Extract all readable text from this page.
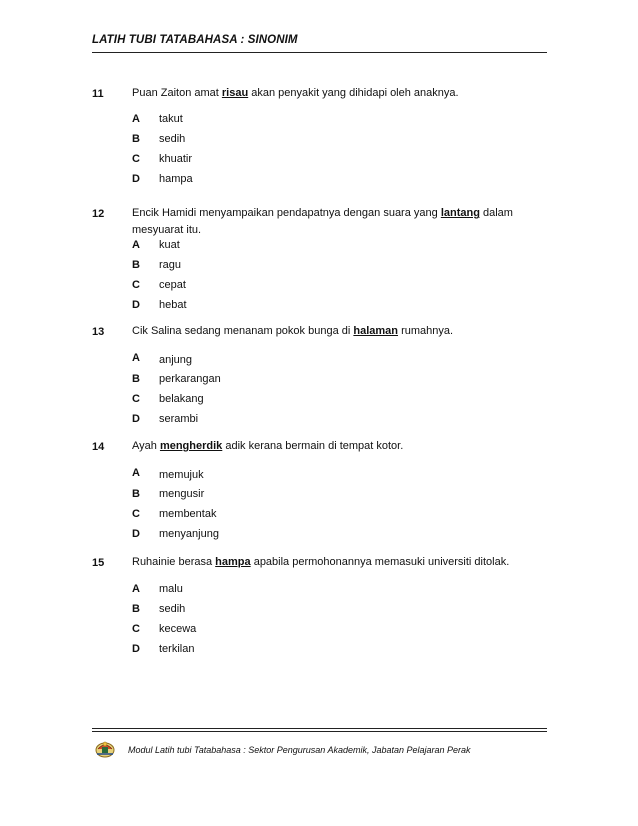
LATIH TUBI TATABAHASA : SINONIM
11	Puan Zaiton amat risau akan penyakit yang dihidapi oleh anaknya.
A takut
B sedih
C khuatir
D hampa
12	Encik Hamidi menyampaikan pendapatnya dengan suara yang lantang dalam mesyuarat itu.
A kuat
B ragu
C cepat
D hebat
13	Cik Salina sedang menanam pokok bunga di halaman rumahnya.
A anjung
B perkarangan
C belakang
D serambi
14	Ayah mengherdik adik kerana bermain di tempat kotor.
A memujuk
B mengusir
C membentak
D menyanjung
15	Ruhainie berasa hampa apabila permohonannya memasuki universiti ditolak.
A malu
B sedih
C kecewa
D terkilan
Modul Latih tubi Tatabahasa : Sektor Pengurusan Akademik, Jabatan Pelajaran Perak
